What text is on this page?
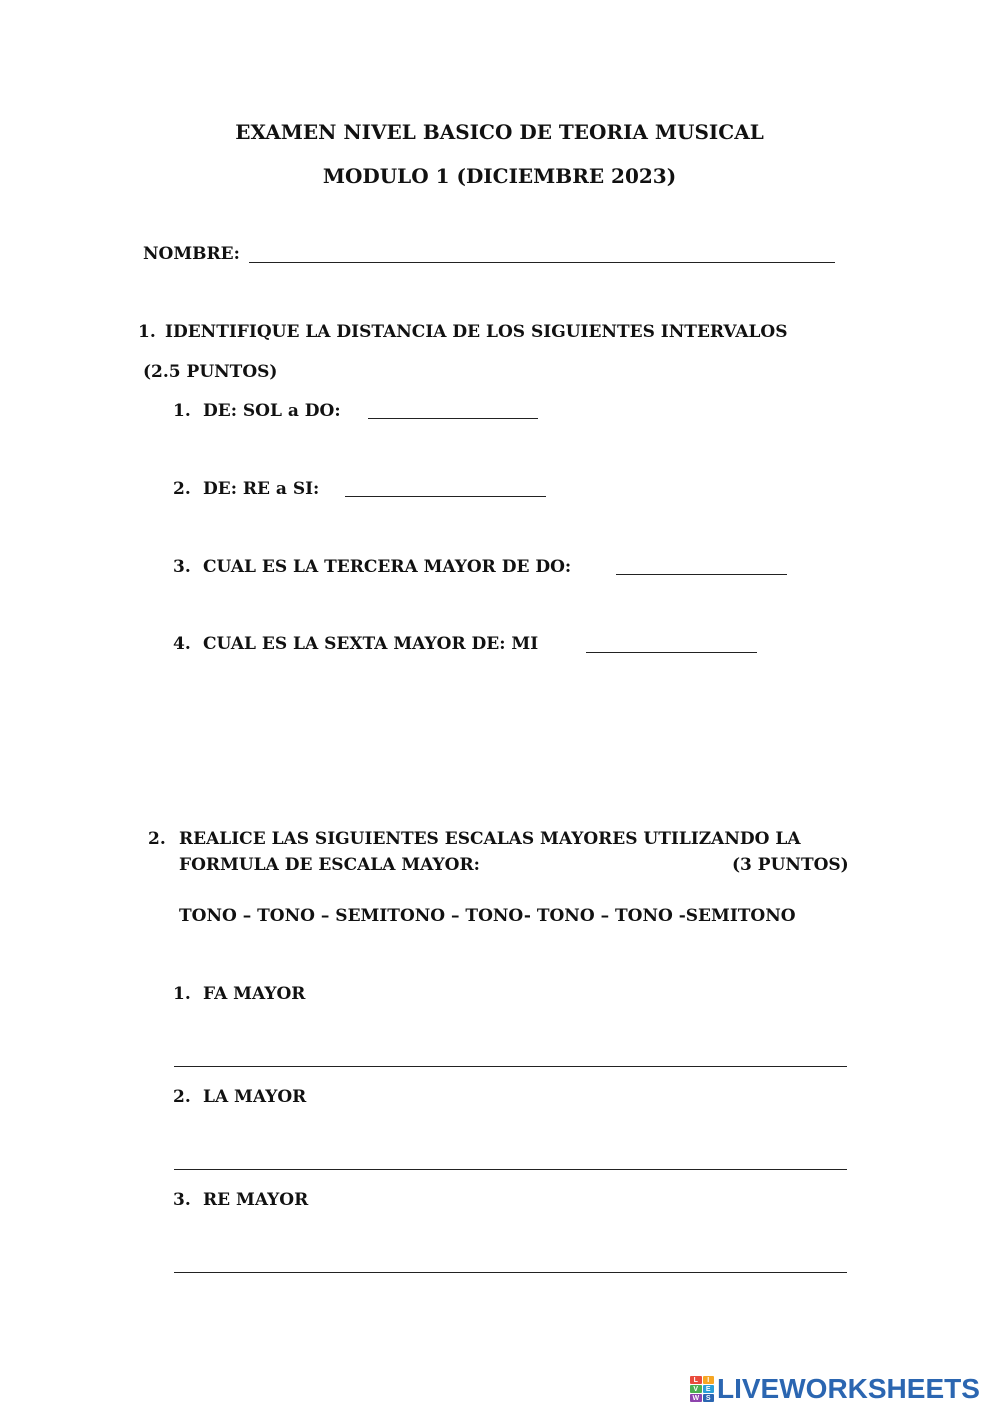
EXAMEN NIVEL BASICO DE TEORIA MUSICAL
MODULO 1 (DICIEMBRE 2023)
NOMBRE:
1. IDENTIFIQUE LA DISTANCIA DE LOS SIGUIENTES INTERVALOS
(2.5 PUNTOS)
1. DE: SOL a DO:
2. DE: RE a SI:
3. CUAL ES LA TERCERA MAYOR DE DO:
4. CUAL ES LA SEXTA MAYOR DE: MI
2. REALICE LAS SIGUIENTES ESCALAS MAYORES UTILIZANDO LA
FORMULA DE ESCALA MAYOR:	(3 PUNTOS)
TONO – TONO – SEMITONO – TONO- TONO – TONO -SEMITONO
1. FA MAYOR
2. LA MAYOR
3. RE MAYOR
L	I
V	E
W S LIVEWORKSHEETS
